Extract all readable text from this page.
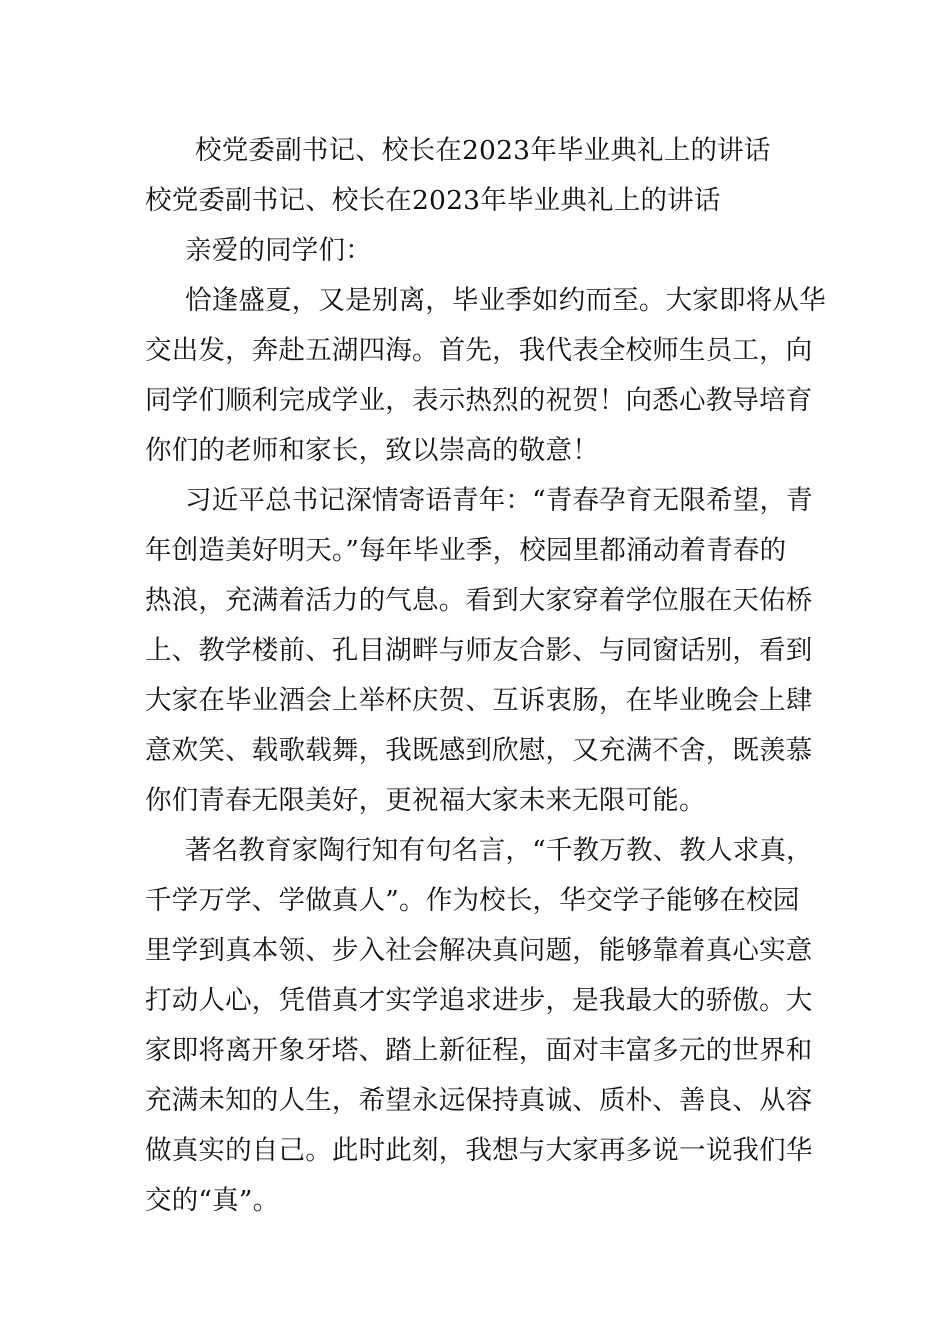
校党委副书记、校长在2023年毕业典礼上的讲话
校党委副书记、校长在2023年毕业典礼上的讲话
亲爱的同学们：
恰逢盛夏，又是别离，毕业季如约而至。大家即将从华
交出发，奔赴五湖四海。首先，我代表全校师生员工，向
同学们顺利完成学业，表示热烈的祝贺！向悉心教导培育
你们的老师和家长，致以崇高的敬意！
习近平总书记深情寄语青年：“青春孕育无限希望，青
年创造美好明天。”每年毕业季，校园里都涌动着青春的
热浪，充满着活力的气息。看到大家穿着学位服在天佑桥
上、教学楼前、孔目湖畔与师友合影、与同窗话别，看到
大家在毕业酒会上举杯庆贺、互诉衷肠，在毕业晚会上肆
意欢笑、载歌载舞，我既感到欣慰，又充满不舍，既羡慕
你们青春无限美好，更祝福大家未来无限可能。
著名教育家陶行知有句名言，“千教万教、教人求真，
千学万学、学做真人”。作为校长，华交学子能够在校园
里学到真本领、步入社会解决真问题，能够靠着真心实意
打动人心，凭借真才实学追求进步，是我最大的骄傲。大
家即将离开象牙塔、踏上新征程，面对丰富多元的世界和
充满未知的人生，希望永远保持真诚、质朴、善良、从容
做真实的自己。此时此刻，我想与大家再多说一说我们华
交的“真”。
